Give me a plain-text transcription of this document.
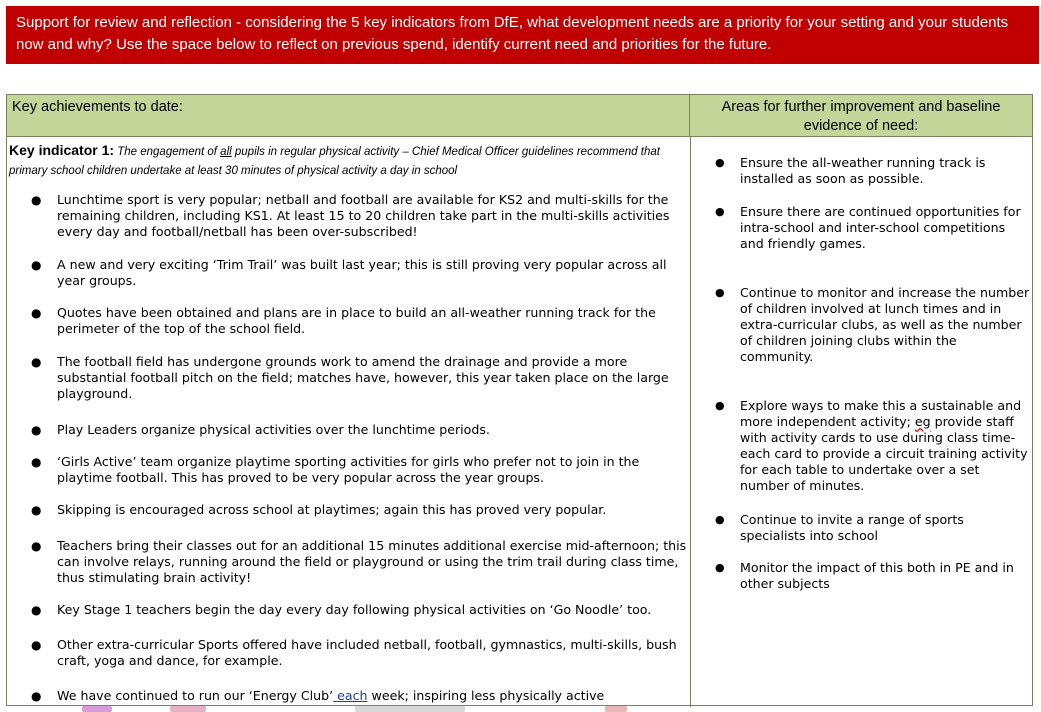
Support for review and reflection - considering the 5 key indicators from DfE, what development needs are a priority for your setting and your students now and why? Use the space below to reflect on previous spend, identify current need and priorities for the future.
Key achievements to date:	Areas for further improvement and baseline evidence of need:
Key indicator 1: The engagement of all pupils in regular physical activity – Chief Medical Officer guidelines recommend that primary school children undertake at least 30 minutes of physical activity a day in school
● Lunchtime sport is very popular; netball and football are available for KS2 and multi-skills for the remaining children, including KS1. At least 15 to 20 children take part in the multi-skills activities every day and football/netball has been over-subscribed!
● A new and very exciting ‘Trim Trail’ was built last year; this is still proving very popular across all year groups.
● Quotes have been obtained and plans are in place to build an all-weather running track for the perimeter of the top of the school field.
● The football field has undergone grounds work to amend the drainage and provide a more substantial football pitch on the field; matches have, however, this year taken place on the large playground.
● Play Leaders organize physical activities over the lunchtime periods.
● ‘Girls Active’ team organize playtime sporting activities for girls who prefer not to join in the playtime football. This has proved to be very popular across the year groups.
● Skipping is encouraged across school at playtimes; again this has proved very popular.
● Teachers bring their classes out for an additional 15 minutes additional exercise mid-afternoon; this can involve relays, running around the field or playground or using the trim trail during class time, thus stimulating brain activity!
● Key Stage 1 teachers begin the day every day following physical activities on ‘Go Noodle’ too.
● Other extra-curricular Sports offered have included netball, football, gymnastics, multi-skills, bush craft, yoga and dance, for example.
● We have continued to run our ‘Energy Club’ each week; inspiring less physically active
● Ensure the all-weather running track is installed as soon as possible.
● Ensure there are continued opportunities for intra-school and inter-school competitions and friendly games.
● Continue to monitor and increase the number of children involved at lunch times and in extra-curricular clubs, as well as the number of children joining clubs within the community.
● Explore ways to make this a sustainable and more independent activity; eg provide staff with activity cards to use during class time- each card to provide a circuit training activity for each table to undertake over a set number of minutes.
● Continue to invite a range of sports specialists into school
● Monitor the impact of this both in PE and in other subjects
